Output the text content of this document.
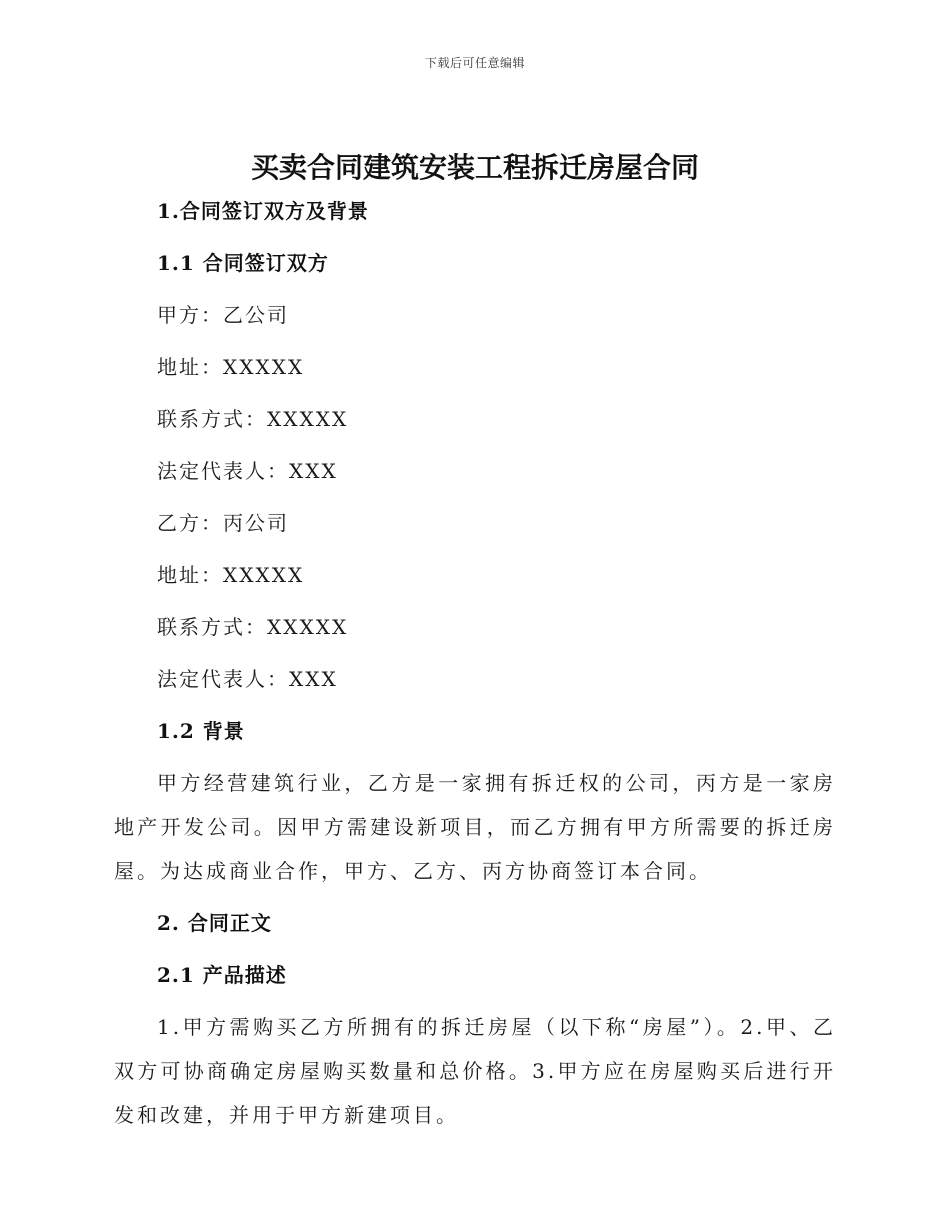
下载后可任意编辑
买卖合同建筑安装工程拆迁房屋合同
1.合同签订双方及背景
1.1 合同签订双方
甲方：乙公司
地址：XXXXX
联系方式：XXXXX
法定代表人：XXX
乙方：丙公司
地址：XXXXX
联系方式：XXXXX
法定代表人：XXX
1.2 背景

甲方经营建筑行业，乙方是一家拥有拆迁权的公司，丙方是一家房地产开发公司。因甲方需建设新项目，而乙方拥有甲方所需要的拆迁房屋。为达成商业合作，甲方、乙方、丙方协商签订本合同。

2. 合同正文
2.1 产品描述

1.甲方需购买乙方所拥有的拆迁房屋（以下称“房屋”）。2.甲、乙双方可协商确定房屋购买数量和总价格。3.甲方应在房屋购买后进行开发和改建，并用于甲方新建项目。
